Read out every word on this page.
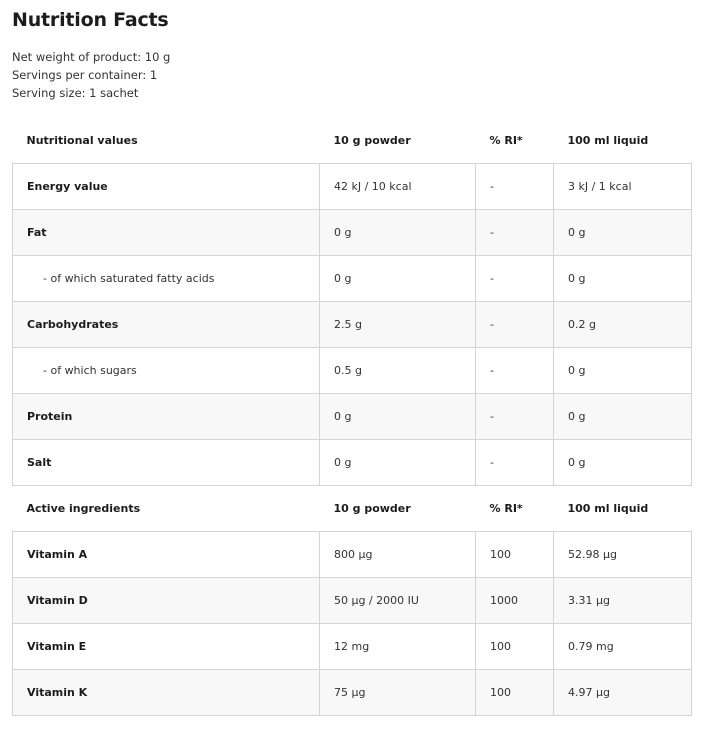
Nutrition Facts
Net weight of product: 10 g
Servings per container: 1
Serving size: 1 sachet
Nutritional values	10 g powder	% RI*	100 ml liquid
Energy value	42 kJ / 10 kcal	-	3 kJ / 1 kcal
Fat	0 g	-	0 g
- of which saturated fatty acids	0 g	-	0 g
Carbohydrates	2.5 g	-	0.2 g
- of which sugars	0.5 g	-	0 g
Protein	0 g	-	0 g
Salt	0 g	-	0 g
Active ingredients	10 g powder	% RI*	100 ml liquid
Vitamin A	800 µg	100	52.98 µg
Vitamin D	50 µg / 2000 IU	1000	3.31 µg
Vitamin E	12 mg	100	0.79 mg
Vitamin K	75 µg	100	4.97 µg
